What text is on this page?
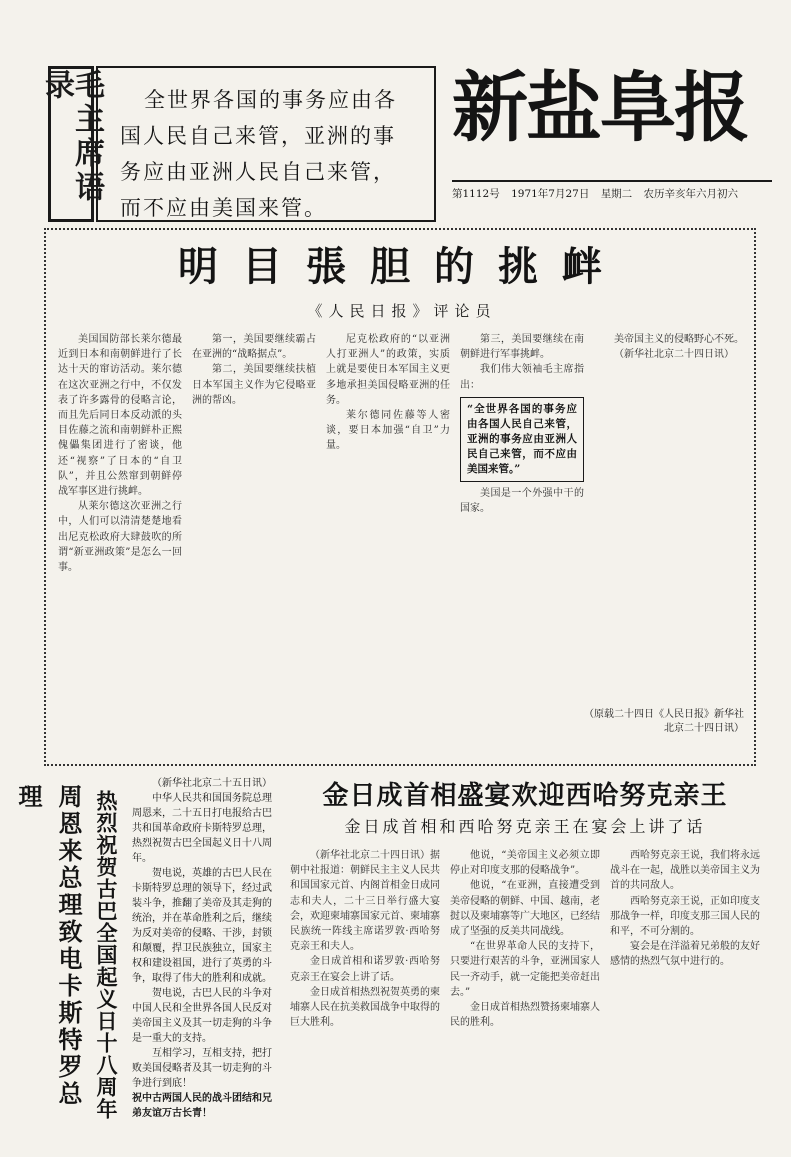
毛主席语录	全世界各国的事务应由各国人民自己来管，亚洲的事务应由亚洲人民自己来管，而不应由美国来管。
新盐阜报
第1112号 1971年7月27日 星期二 农历辛亥年六月初六
明目張胆的挑衅
《人民日报》评论员

美国国防部长莱尔德最近到日本和南朝鲜进行了长达十天的窜访活动。莱尔德在这次亚洲之行中，不仅发表了许多露骨的侵略言论，而且先后同日本反动派的头目佐藤之流和南朝鲜朴正熙傀儡集团进行了密谈，他还“视察”了日本的“自卫队”，并且公然窜到朝鲜停战军事区进行挑衅。

从莱尔德这次亚洲之行中，人们可以清清楚楚地看出尼克松政府大肆鼓吹的所谓“新亚洲政策”是怎么一回事。

第一，美国要继续霸占在亚洲的“战略据点”。

第二，美国要继续扶植日本军国主义作为它侵略亚洲的帮凶。

尼克松政府的“以亚洲人打亚洲人”的政策，实质上就是要使日本军国主义更多地承担美国侵略亚洲的任务。

莱尔德同佐藤等人密谈，要日本加强“自卫”力量。

第三，美国要继续在南朝鲜进行军事挑衅。

我们伟大领袖毛主席指出：

“全世界各国的事务应由各国人民自己来管，亚洲的事务应由亚洲人民自己来管，而不应由美国来管。”

美国是一个外强中干的国家。

美帝国主义的侵略野心不死。

（新华社北京二十四日讯）

（原载二十四日《人民日报》新华社北京二十四日讯）
周恩来总理致电卡斯特罗总理	热烈祝贺古巴全国起义日十八周年

（新华社北京二十五日讯）

中华人民共和国国务院总理周恩来，二十五日打电报给古巴共和国革命政府卡斯特罗总理，热烈祝贺古巴全国起义日十八周年。

贺电说，英雄的古巴人民在卡斯特罗总理的领导下，经过武装斗争，推翻了美帝及其走狗的统治，并在革命胜利之后，继续为反对美帝的侵略、干涉，封锁和颠覆，捍卫民族独立，国家主权和建设祖国，进行了英勇的斗争，取得了伟大的胜利和成就。

贺电说，古巴人民的斗争对中国人民和全世界各国人民反对美帝国主义及其一切走狗的斗争是一重大的支持。

互相学习，互相支持，把打败美国侵略者及其一切走狗的斗争进行到底！

祝中古两国人民的战斗团结和兄弟友谊万古长青！

金日成首相盛宴欢迎西哈努克亲王
金日成首相和西哈努克亲王在宴会上讲了话

（新华社北京二十四日讯）据朝中社报道：朝鲜民主主义人民共和国国家元首、内阁首相金日成同志和夫人，二十三日举行盛大宴会，欢迎柬埔寨国家元首、柬埔寨民族统一阵线主席诺罗敦·西哈努克亲王和夫人。

金日成首相和诺罗敦·西哈努克亲王在宴会上讲了话。

金日成首相热烈祝贺英勇的柬埔寨人民在抗美救国战争中取得的巨大胜利。

他说，“美帝国主义必须立即停止对印度支那的侵略战争”。

他说，“在亚洲，直接遭受到美帝侵略的朝鲜、中国、越南，老挝以及柬埔寨等广大地区，已经结成了坚强的反美共同战线。

“在世界革命人民的支持下，只要进行艰苦的斗争，亚洲国家人民一齐动手，就一定能把美帝赶出去。”

金日成首相热烈赞扬柬埔寨人民的胜利。

西哈努克亲王说，我们将永远战斗在一起，战胜以美帝国主义为首的共同敌人。

西哈努克亲王说，正如印度支那战争一样，印度支那三国人民的和平，不可分割的。

宴会是在洋溢着兄弟般的友好感情的热烈气氛中进行的。
